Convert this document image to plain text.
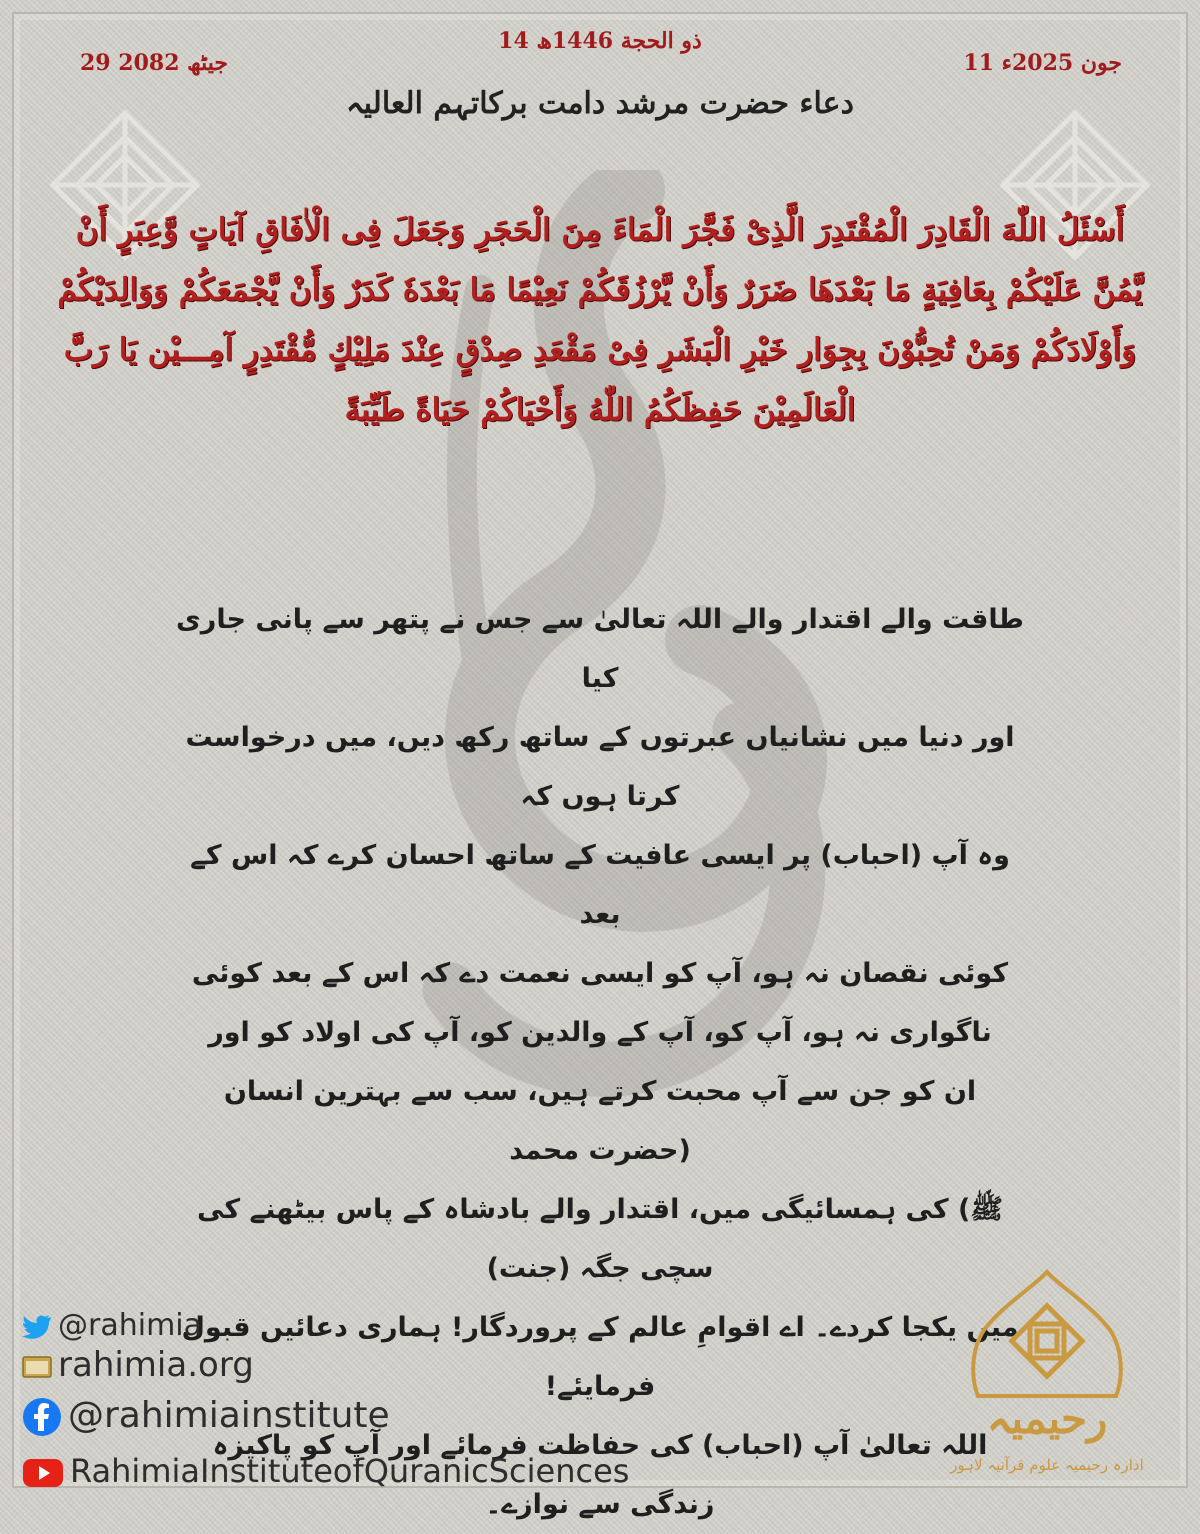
14 ذو الحجة 1446ھ
11 جون 2025ء
29 جیٹھ 2082
دعاء حضرت مرشد دامت برکاتہم العالیہ
أَسْئَلُ اللّٰهَ الْقَادِرَ الْمُقْتَدِرَ الَّذِیْ فَجَّرَ الْمَاءَ مِنَ الْحَجَرِ وَجَعَلَ فِی الْاٰفَاقِ آيَاتٍ وَّعِبَرٍ أَنْ يَّمُنَّ عَلَيْكُمْ بِعَافِيَةٍ مَا بَعْدَهَا ضَرَرٌ وَأَنْ يَّرْزُقَكُمْ نَعِيْمًا مَا بَعْدَهٗ كَدَرٌ وَأَنْ يَّجْمَعَكُمْ وَوَالِدَيْكُمْ وَأَوْلَادَكُمْ وَمَنْ تُحِبُّوْنَ بِجِوَارِ خَيْرِ الْبَشَرِ فِیْ مَقْعَدِ صِدْقٍ عِنْدَ مَلِيْكٍ مُّقْتَدِرٍ آمِـــيْن يَا رَبَّ الْعَالَمِيْنَ حَفِظَكُمُ اللّٰهُ وَأَحْيَاكُمْ حَيَاةً طَيِّبَةً
طاقت والے اقتدار والے اللہ تعالیٰ سے جس نے پتھر سے پانی جاری کیا
اور دنیا میں نشانیاں عبرتوں کے ساتھ رکھ دیں، میں درخواست کرتا ہوں کہ
وہ آپ (احباب) پر ایسی عافیت کے ساتھ احسان کرے کہ اس کے بعد
کوئی نقصان نہ ہو، آپ کو ایسی نعمت دے کہ اس کے بعد کوئی
ناگواری نہ ہو، آپ کو، آپ کے والدین کو، آپ کی اولاد کو اور
ان کو جن سے آپ محبت کرتے ہیں، سب سے بہترین انسان (حضرت محمد
ﷺ) کی ہمسائیگی میں، اقتدار والے بادشاہ کے پاس بیٹھنے کی سچی جگہ (جنت)
میں یکجا کردے۔ اے اقوامِ عالم کے پروردگار! ہماری دعائیں قبول فرمایئے!
اللہ تعالیٰ آپ (احباب) کی حفاظت فرمائے اور آپ کو پاکیزہ زندگی سے نوازے۔
@rahimia
rahimia.org
@rahimiainstitute
RahimiaInstituteofQuranicSciences
رحیمیہ
ادارہ رحیمیہ علوم قرآنیہ لاہور
